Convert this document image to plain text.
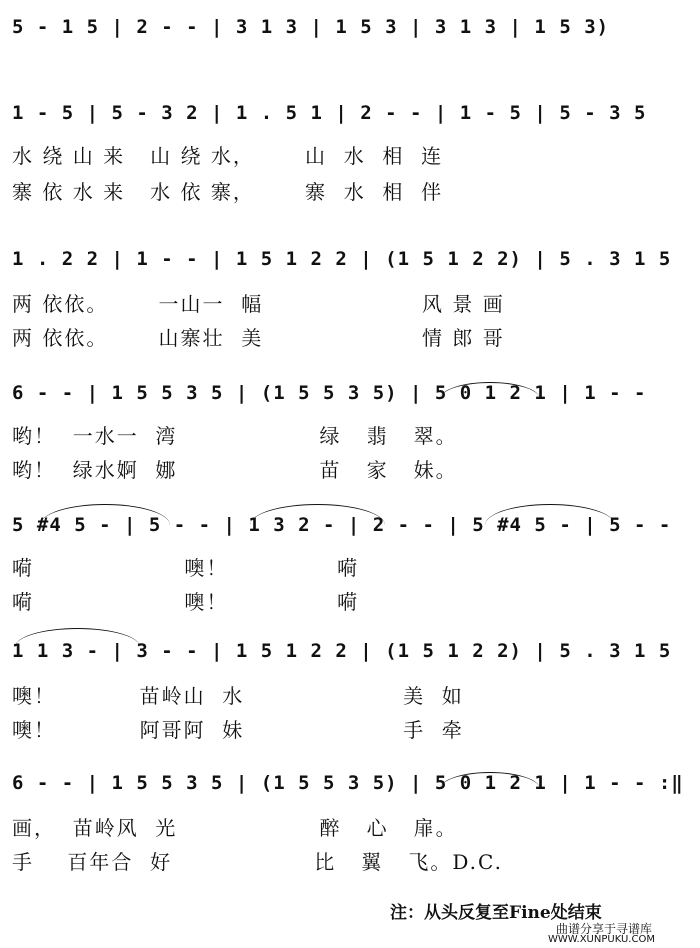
5 - 1 5 | 2 - - | 3 1 3 | 1 5 3 | 3 1 3 | 1 5 3)
1 - 5 | 5 - 3 2 | 1 . 5 1 | 2 - - | 1 - 5 | 5 - 3 5
水 绕 山 来   山 绕 水，      山  水  相  连
寨 依 水 来   水 依 寨，      寨  水  相  伴
1 . 2 2 | 1 - - | 1 5 1 2 2 | (1 5 1 2 2) | 5 . 3 1 5
两 依依。      一山一  幅                   风 景 画
两 依依。      山寨壮  美                   情 郎 哥
6 - - | 1 5 5 3 5 | (1 5 5 3 5) | 5 0 1 2 1 | 1 - -
哟！  一水一  湾                 绿   翡   翠。
哟！  绿水婀  娜                 苗   家   妹。
5 #4 5 - | 5 - - | 1 3 2 - | 2 - - | 5 #4 5 - | 5 - -
嗬                  噢！             嗬
嗬                  噢！             嗬
1 1 3 - | 3 - - | 1 5 1 2 2 | (1 5 1 2 2) | 5 . 3 1 5
噢！          苗岭山  水                   美  如
噢！          阿哥阿  妹                   手  牵
6 - - | 1 5 5 3 5 | (1 5 5 3 5) | 5 0 1 2 1 | 1 - - :‖
画，  苗岭风  光                 醉   心   扉。
手    百年合  好                 比   翼   飞。D.C.
注：从头反复至Fine处结束
曲谱分享于寻谱库
WWW.XUNPUKU.COM
